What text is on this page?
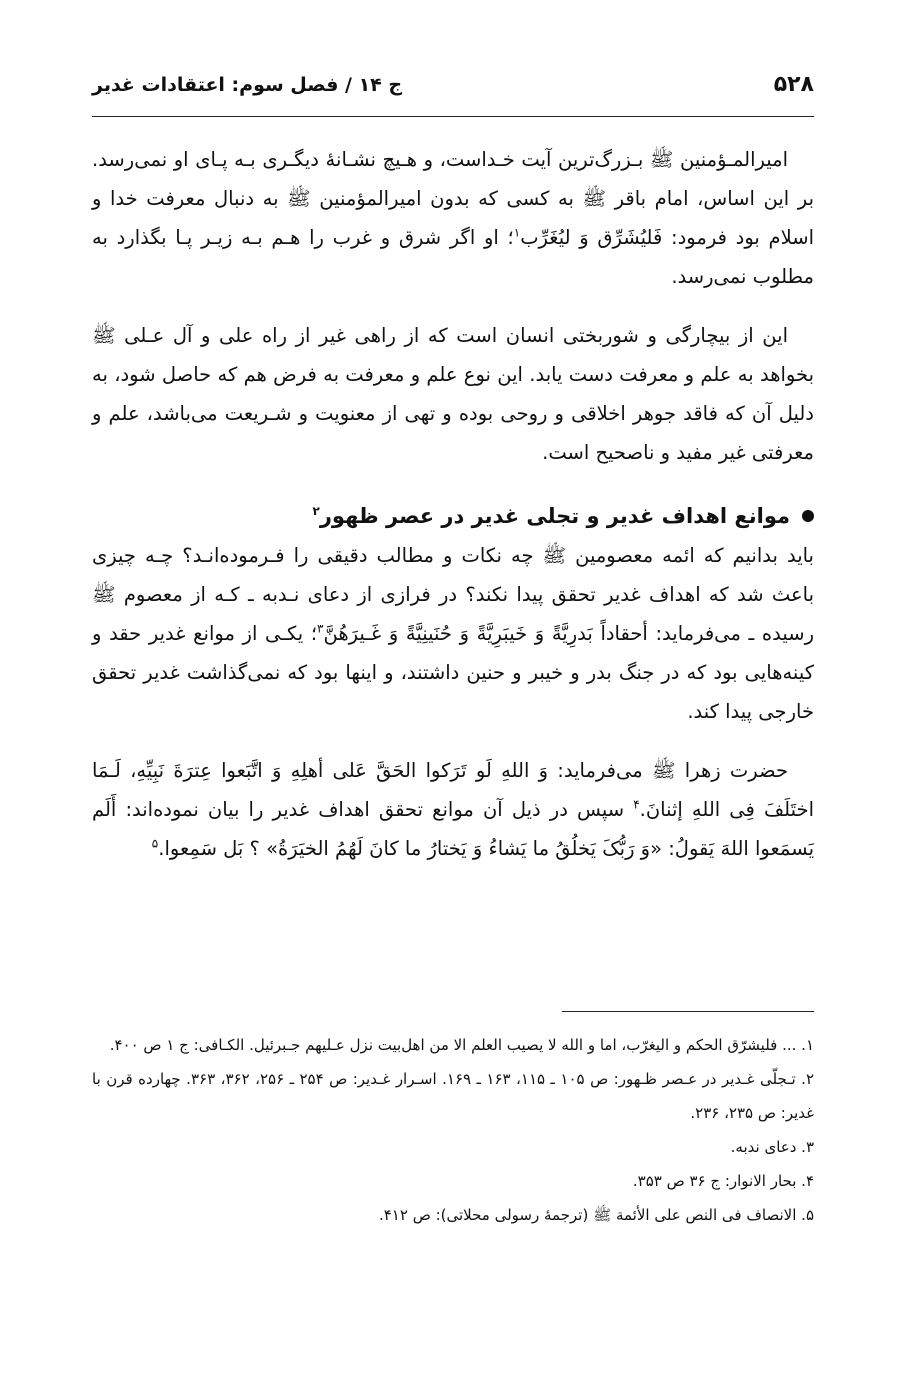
۵۲۸
ج ۱۴ / فصل سوم: اعتقادات غدیر

امیرالمـؤمنین ﷺ بـزرگ‌ترین آیت خـداست، و هـیچ نشـانهٔ دیگـری بـه پـای او نمی‌رسد. بر این اساس، امام باقر ﷺ به کسی که بدون امیرالمؤمنین ﷺ به دنبال معرفت خدا و اسلام بود فرمود: فَلیُشَرِّق وَ لیُغَرِّب$^۱$؛ او اگر شرق و غرب را هـم بـه زیـر پـا بگذارد به مطلوب نمی‌رسد.

این از بیچارگی و شوربختی انسان است که از راهی غیر از راه علی و آل عـلی ﷺ بخواهد به علم و معرفت دست یابد. این نوع علم و معرفت به فرض هم که حاصل شود، به دلیل آن که فاقد جوهر اخلاقی و روحی بوده و تهی از معنویت و شـریعت می‌باشد، علم و معرفتی غیر مفید و ناصحیح است.

موانع اهداف غدیر و تجلی غدیر در عصر ظهور$^۲$

باید بدانیم که ائمه معصومین ﷺ چه نکات و مطالب دقیقی را فـرموده‌انـد؟ چـه چیزی باعث شد که اهداف غدیر تحقق پیدا نکند؟ در فرازی از دعای نـدبه ـ کـه از معصوم ﷺ رسیده ـ می‌فرماید: أحقاداً بَدرِیَّةً وَ خَیبَرِیَّةً وَ حُنَینِیَّةً وَ غَـیرَهُنَّ$^۳$؛ یکـی از موانع غدیر حقد و کینه‌هایی بود که در جنگ بدر و خیبر و حنین داشتند، و اینها بود که نمی‌گذاشت غدیر تحقق خارجی پیدا کند.

حضرت زهرا ﷺ می‌فرماید: وَ اللهِ لَو تَرَکوا الحَقَّ عَلی أهلِهِ وَ اتَّبَعوا عِترَةَ نَبِیِّهِ، لَـمَا اختَلَفَ فِی اللهِ إثنانَ.$^۴$ سپس در ذیل آن موانع تحقق اهداف غدیر را بیان نموده‌اند: أَلَم یَسمَعوا اللهَ یَقولُ: «وَ رَبُّکَ یَخلُقُ ما یَشاءُ وَ یَختارُ ما کانَ لَهُمُ الخیَرَةُ» ؟ بَل سَمِعوا.$^۵$

۱. ... فلیشرّق الحکم و الیغرّب، اما و الله لا یصیب العلم الا من اهل‌بیت نزل عـلیهم جـبرئیل. الکـافی: ج ۱ ص ۴۰۰.

۲. تـجلّی غـدیر در عـصر ظـهور: ص ۱۰۵ ـ ۱۱۵، ۱۶۳ ـ ۱۶۹. اسـرار غـدیر: ص ۲۵۴ ـ ۲۵۶، ۳۶۲، ۳۶۳. چهارده قرن با غدیر: ص ۲۳۵، ۲۳۶.

۳. دعای ندبه.

۴. بحار الانوار: ج ۳۶ ص ۳۵۳.

۵. الانصاف فی النص علی الأئمة ﷺ (ترجمهٔ رسولی محلاتی): ص ۴۱۲.
